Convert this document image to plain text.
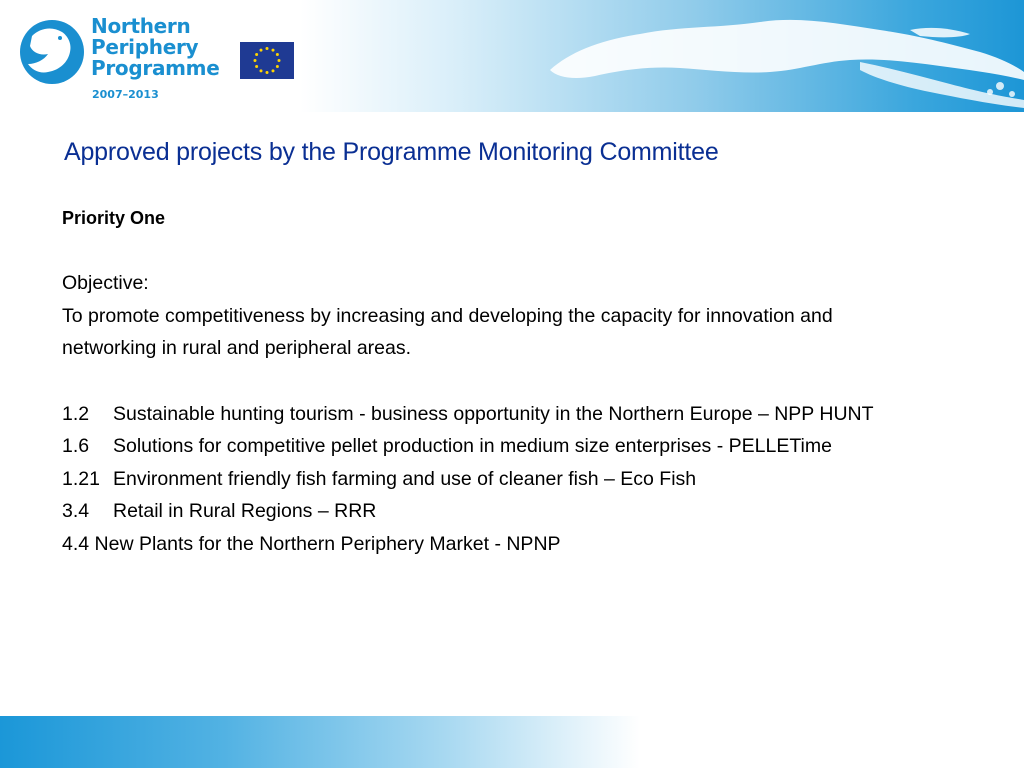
Northern
Periphery
Programme

2007–2013
Approved projects by the Programme Monitoring Committee

Priority One

Objective:

To promote competitiveness by increasing and developing the capacity for innovation and

networking in rural and peripheral areas.

1.2 Sustainable hunting tourism - business opportunity in the Northern Europe – NPP HUNT

1.6 Solutions for competitive pellet production in medium size enterprises - PELLETime

1.21 Environment friendly fish farming and use of cleaner fish – Eco Fish

3.4 Retail in Rural Regions – RRR

4.4 New Plants for the Northern Periphery Market - NPNP
